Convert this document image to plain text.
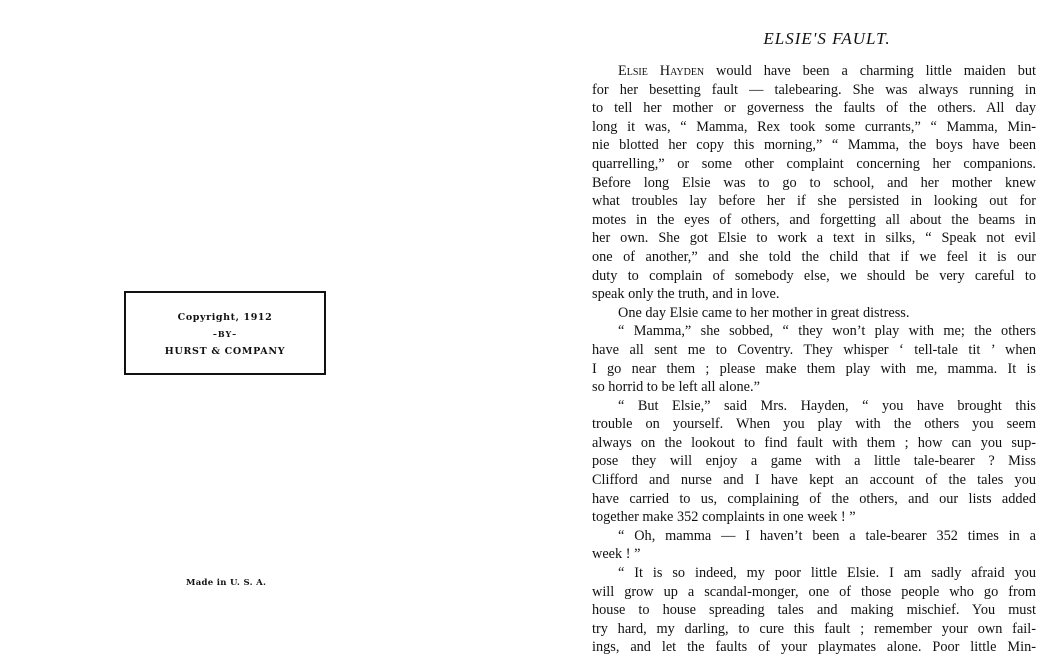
Copyright, 1912
–BY–
HURST & COMPANY
Made in U. S. A.
ELSIE'S FAULT.
Elsie Hayden would have been a charming little maiden but
for her besetting fault — talebearing. She was always running in
to tell her mother or governess the faults of the others. All day
long it was, “ Mamma, Rex took some currants,” “ Mamma, Min-
nie blotted her copy this morning,” “ Mamma, the boys have been
quarrelling,” or some other complaint concerning her companions.
Before long Elsie was to go to school, and her mother knew
what troubles lay before her if she persisted in looking out for
motes in the eyes of others, and forgetting all about the beams in
her own. She got Elsie to work a text in silks, “ Speak not evil
one of another,” and she told the child that if we feel it is our
duty to complain of somebody else, we should be very careful to
speak only the truth, and in love.
One day Elsie came to her mother in great distress.
“ Mamma,” she sobbed, “ they won’t play with me; the others
have all sent me to Coventry. They whisper ‘ tell-tale tit ’ when
I go near them ; please make them play with me, mamma. It is
so horrid to be left all alone.”
“ But Elsie,” said Mrs. Hayden, “ you have brought this
trouble on yourself. When you play with the others you seem
always on the lookout to find fault with them ; how can you sup-
pose they will enjoy a game with a little tale-bearer ? Miss
Clifford and nurse and I have kept an account of the tales you
have carried to us, complaining of the others, and our lists added
together make 352 complaints in one week ! ”
“ Oh, mamma — I haven’t been a tale-bearer 352 times in a
week ! ”
“ It is so indeed, my poor little Elsie. I am sadly afraid you
will grow up a scandal-monger, one of those people who go from
house to house spreading tales and making mischief. You must
try hard, my darling, to cure this fault ; remember your own fail-
ings, and let the faults of your playmates alone. Poor little Min-
